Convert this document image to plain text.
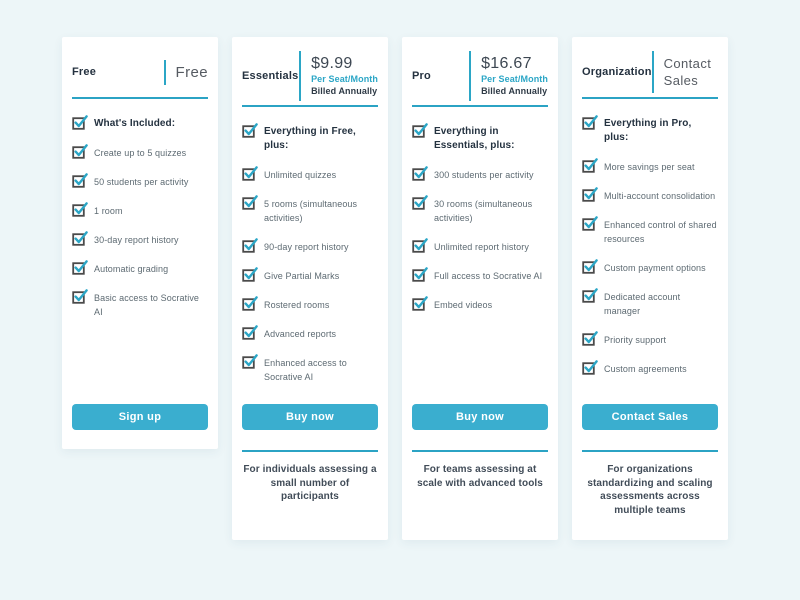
Free	Free
What's Included:
Create up to 5 quizzes
50 students per activity
1 room
30-day report history
Automatic grading
Basic access to Socrative AI
Sign up
Essentials
$9.99
Per Seat/Month
Billed Annually
Everything in Free, plus:
Unlimited quizzes
5 rooms (simultaneous activities)
90-day report history
Give Partial Marks
Rostered rooms
Advanced reports
Enhanced access to Socrative AI
Buy now

For individuals assessing a small number of participants

Pro
$16.67
Per Seat/Month
Billed Annually
Everything in Essentials, plus:
300 students per activity
30 rooms (simultaneous activities)
Unlimited report history
Full access to Socrative AI
Embed videos
Buy now

For teams assessing at scale with advanced tools

Organization
Contact Sales
Everything in Pro, plus:
More savings per seat
Multi-account consolidation
Enhanced control of shared resources
Custom payment options
Dedicated account manager
Priority support
Custom agreements
Contact Sales

For organizations standardizing and scaling assessments across multiple teams
